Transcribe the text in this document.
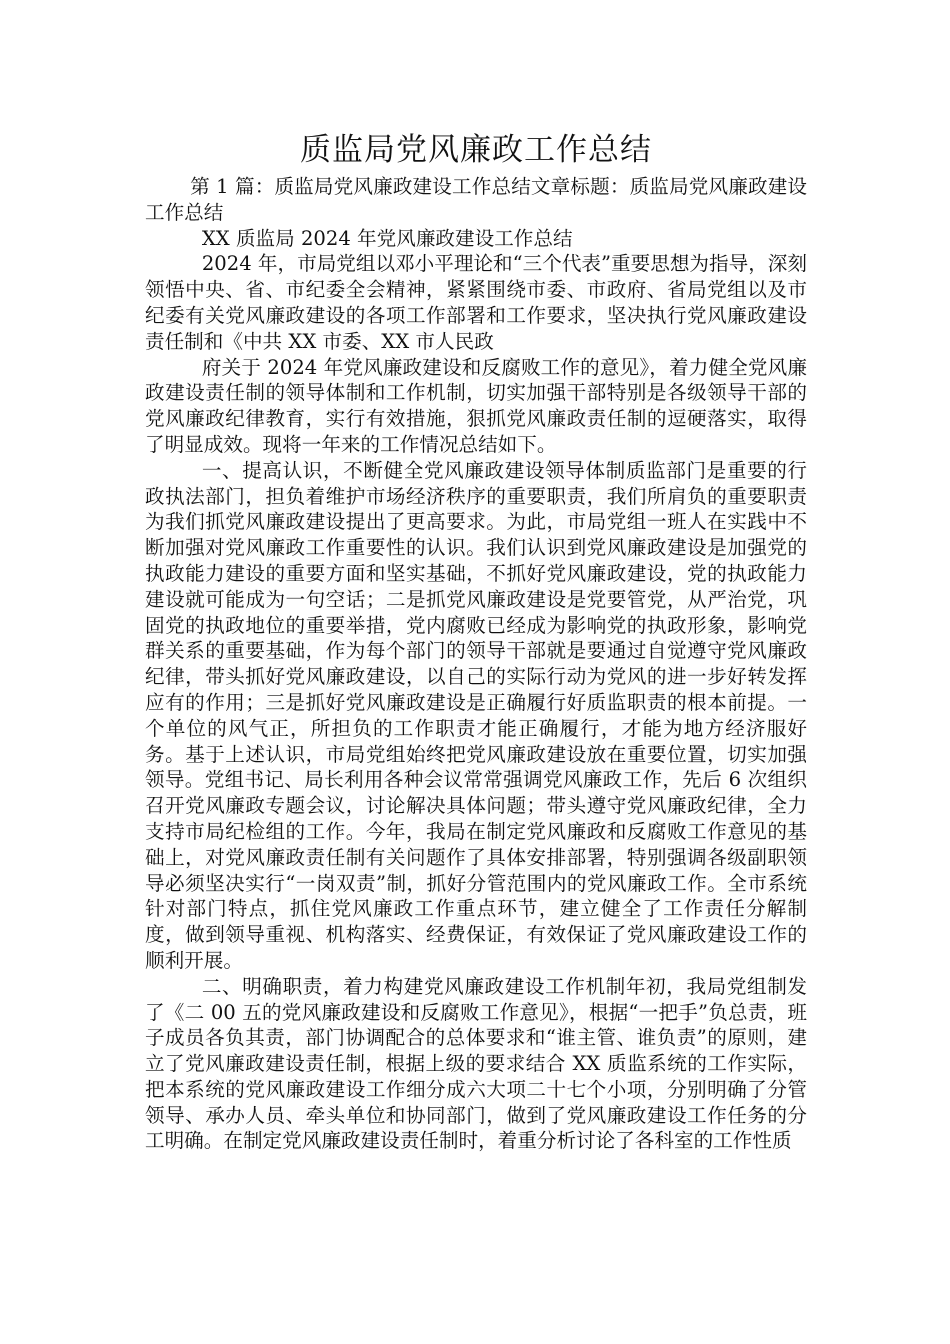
质监局党风廉政工作总结

第 1 篇：质监局党风廉政建设工作总结文章标题：质监局党风廉政建设工作总结

XX 质监局 2024 年党风廉政建设工作总结

2024 年，市局党组以邓小平理论和“三个代表”重要思想为指导，深刻领悟中央、省、市纪委全会精神，紧紧围绕市委、市政府、省局党组以及市纪委有关党风廉政建设的各项工作部署和工作要求，坚决执行党风廉政建设责任制和《中共 XX 市委、XX 市人民政

府关于 2024 年党风廉政建设和反腐败工作的意见》，着力健全党风廉政建设责任制的领导体制和工作机制，切实加强干部特别是各级领导干部的党风廉政纪律教育，实行有效措施，狠抓党风廉政责任制的逗硬落实，取得了明显成效。现将一年来的工作情况总结如下。

一、提高认识，不断健全党风廉政建设领导体制质监部门是重要的行政执法部门，担负着维护市场经济秩序的重要职责，我们所肩负的重要职责为我们抓党风廉政建设提出了更高要求。为此，市局党组一班人在实践中不断加强对党风廉政工作重要性的认识。我们认识到党风廉政建设是加强党的执政能力建设的重要方面和坚实基础，不抓好党风廉政建设，党的执政能力建设就可能成为一句空话；二是抓党风廉政建设是党要管党，从严治党，巩固党的执政地位的重要举措，党内腐败已经成为影响党的执政形象，影响党群关系的重要基础，作为每个部门的领导干部就是要通过自觉遵守党风廉政纪律，带头抓好党风廉政建设，以自己的实际行动为党风的进一步好转发挥应有的作用；三是抓好党风廉政建设是正确履行好质监职责的根本前提。一个单位的风气正，所担负的工作职责才能正确履行，才能为地方经济服好务。基于上述认识，市局党组始终把党风廉政建设放在重要位置，切实加强领导。党组书记、局长利用各种会议常常强调党风廉政工作，先后 6 次组织召开党风廉政专题会议，讨论解决具体问题；带头遵守党风廉政纪律，全力支持市局纪检组的工作。今年，我局在制定党风廉政和反腐败工作意见的基础上，对党风廉政责任制有关问题作了具体安排部署，特别强调各级副职领导必须坚决实行“一岗双责”制，抓好分管范围内的党风廉政工作。全市系统针对部门特点，抓住党风廉政工作重点环节，建立健全了工作责任分解制度，做到领导重视、机构落实、经费保证，有效保证了党风廉政建设工作的顺利开展。

二、明确职责，着力构建党风廉政建设工作机制年初，我局党组制发了《二 00 五的党风廉政建设和反腐败工作意见》，根据“一把手”负总责，班子成员各负其责，部门协调配合的总体要求和“谁主管、谁负责”的原则，建立了党风廉政建设责任制，根据上级的要求结合 XX 质监系统的工作实际，把本系统的党风廉政建设工作细分成六大项二十七个小项，分别明确了分管领导、承办人员、牵头单位和协同部门，做到了党风廉政建设工作任务的分工明确。在制定党风廉政建设责任制时，着重分析讨论了各科室的工作性质
